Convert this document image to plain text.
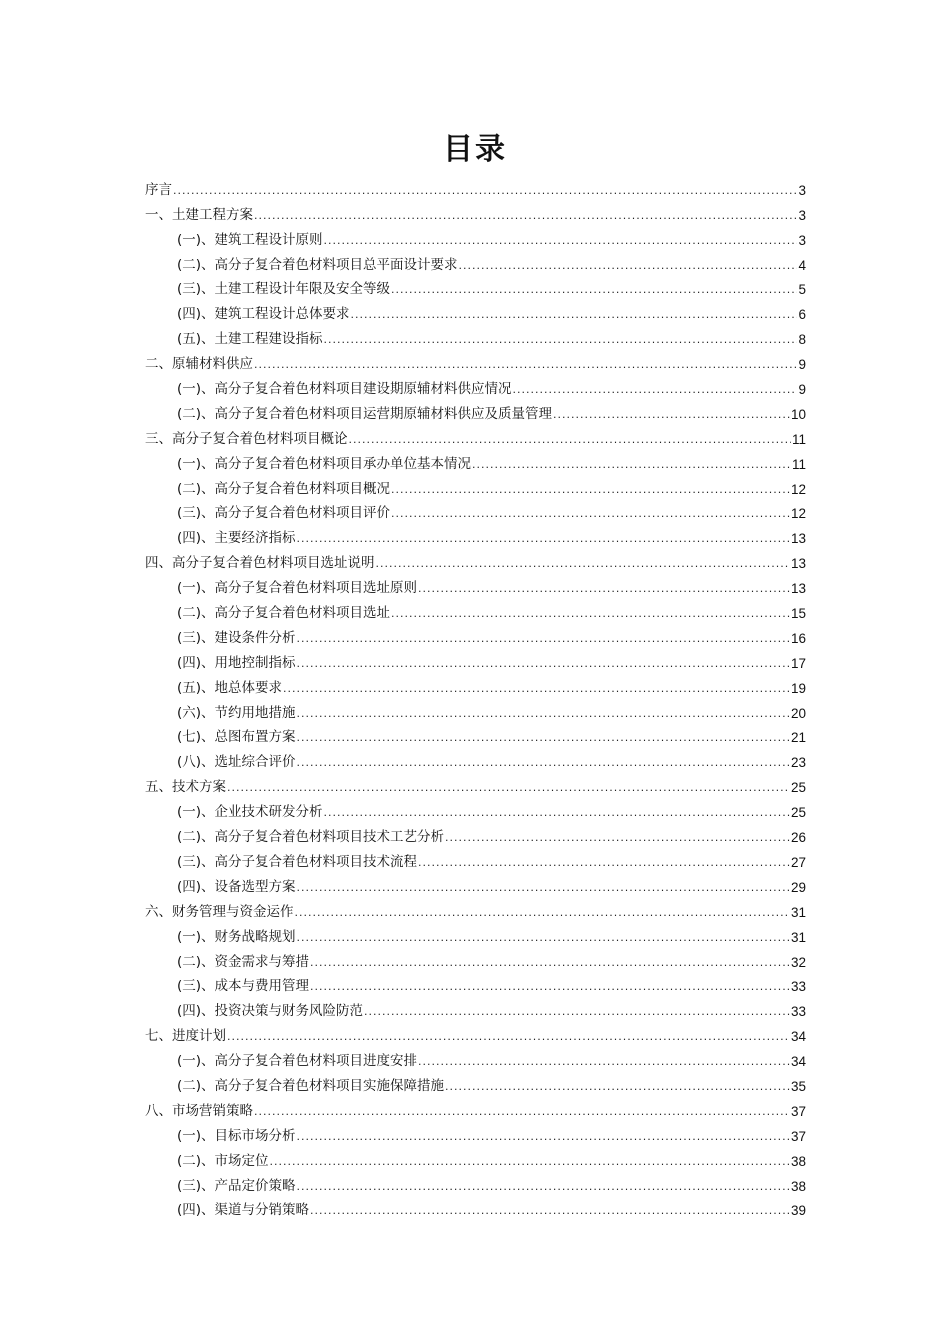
目录
序言 .....	3
一、土建工程方案 .....	3
(一)、建筑工程设计原则 .....	3
(二)、高分子复合着色材料项目总平面设计要求 .....	4
(三)、土建工程设计年限及安全等级 .....	5
(四)、建筑工程设计总体要求 .....	6
(五)、土建工程建设指标 .....	8
二、原辅材料供应 .....	9
(一)、高分子复合着色材料项目建设期原辅材料供应情况 .....	9
(二)、高分子复合着色材料项目运营期原辅材料供应及质量管理 .....	10
三、高分子复合着色材料项目概论 .....	11
(一)、高分子复合着色材料项目承办单位基本情况 .....	11
(二)、高分子复合着色材料项目概况 .....	12
(三)、高分子复合着色材料项目评价 .....	12
(四)、主要经济指标 .....	13
四、高分子复合着色材料项目选址说明 .....	13
(一)、高分子复合着色材料项目选址原则 .....	13
(二)、高分子复合着色材料项目选址 .....	15
(三)、建设条件分析 .....	16
(四)、用地控制指标 .....	17
(五)、地总体要求 .....	19
(六)、节约用地措施 .....	20
(七)、总图布置方案 .....	21
(八)、选址综合评价 .....	23
五、技术方案 .....	25
(一)、企业技术研发分析 .....	25
(二)、高分子复合着色材料项目技术工艺分析 .....	26
(三)、高分子复合着色材料项目技术流程 .....	27
(四)、设备选型方案 .....	29
六、财务管理与资金运作 .....	31
(一)、财务战略规划 .....	31
(二)、资金需求与筹措 .....	32
(三)、成本与费用管理 .....	33
(四)、投资决策与财务风险防范 .....	33
七、进度计划 .....	34
(一)、高分子复合着色材料项目进度安排 .....	34
(二)、高分子复合着色材料项目实施保障措施 .....	35
八、市场营销策略 .....	37
(一)、目标市场分析 .....	37
(二)、市场定位 .....	38
(三)、产品定价策略 .....	38
(四)、渠道与分销策略 .....	39
